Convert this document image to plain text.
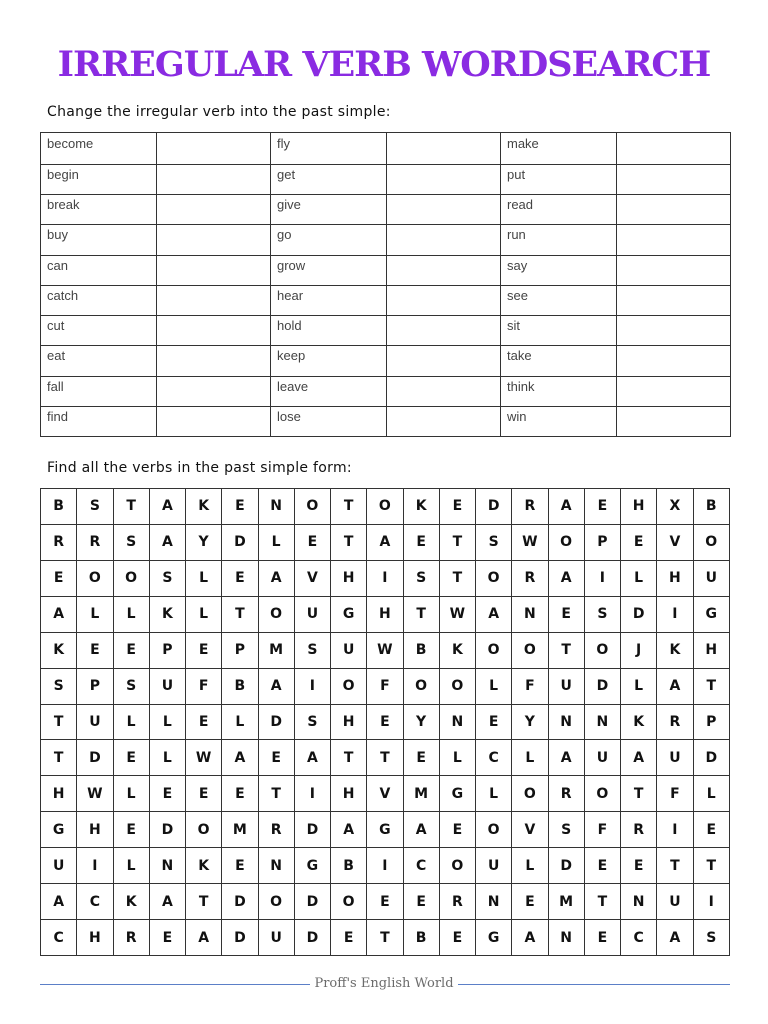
IRREGULAR VERB WORDSEARCH
Change the irregular verb into the past simple:
become		fly		make	
begin		get		put	
break		give		read	
buy		go		run	
can		grow		say	
catch		hear		see	
cut		hold		sit	
eat		keep		take	
fall		leave		think	
find		lose		win	
Find all the verbs in the past simple form:
B	S	T	A	K	E	N	O	T	O	K	E	D	R	A	E	H	X	B
R	R	S	A	Y	D	L	E	T	A	E	T	S	W	O	P	E	V	O
E	O	O	S	L	E	A	V	H	I	S	T	O	R	A	I	L	H	U
A	L	L	K	L	T	O	U	G	H	T	W	A	N	E	S	D	I	G
K	E	E	P	E	P	M	S	U	W	B	K	O	O	T	O	J	K	H
S	P	S	U	F	B	A	I	O	F	O	O	L	F	U	D	L	A	T
T	U	L	L	E	L	D	S	H	E	Y	N	E	Y	N	N	K	R	P
T	D	E	L	W	A	E	A	T	T	E	L	C	L	A	U	A	U	D
H	W	L	E	E	E	T	I	H	V	M	G	L	O	R	O	T	F	L
G	H	E	D	O	M	R	D	A	G	A	E	O	V	S	F	R	I	E
U	I	L	N	K	E	N	G	B	I	C	O	U	L	D	E	E	T	T
A	C	K	A	T	D	O	D	O	E	E	R	N	E	M	T	N	U	I
C	H	R	E	A	D	U	D	E	T	B	E	G	A	N	E	C	A	S
Proff's English World
